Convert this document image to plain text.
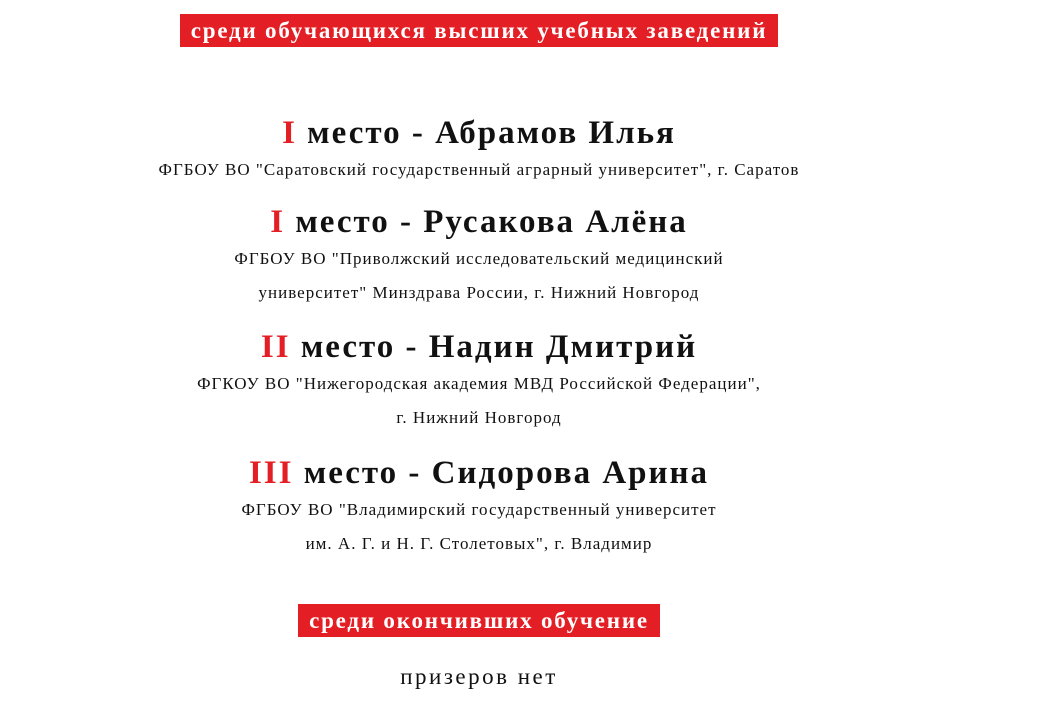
среди обучающихся высших учебных заведений
I место - Абрамов Илья
ФГБОУ ВО "Саратовский государственный аграрный университет", г. Саратов
I место - Русакова Алёна
ФГБОУ ВО "Приволжский исследовательский медицинский
университет" Минздрава России, г. Нижний Новгород
II место - Надин Дмитрий
ФГКОУ ВО "Нижегородская академия МВД Российской Федерации",
г. Нижний Новгород
III место - Сидорова Арина
ФГБОУ ВО "Владимирский государственный университет
им. А. Г. и Н. Г. Столетовых", г. Владимир
среди окончивших обучение
призеров нет
